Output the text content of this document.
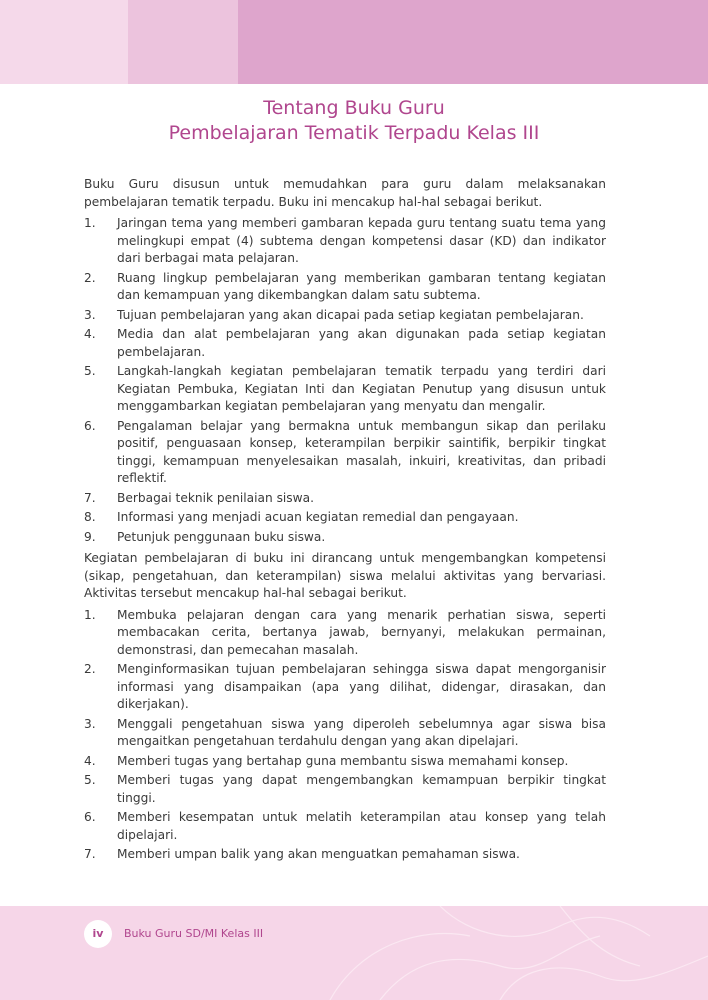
Tentang Buku Guru
Pembelajaran Tematik Terpadu Kelas III

Buku Guru disusun untuk memudahkan para guru dalam melaksanakan pembelajaran tematik terpadu. Buku ini mencakup hal-hal sebagai berikut.

1. Jaringan tema yang memberi gambaran kepada guru tentang suatu tema yang melingkupi empat (4) subtema dengan kompetensi dasar (KD) dan indikator dari berbagai mata pelajaran.
2. Ruang lingkup pembelajaran yang memberikan gambaran tentang kegiatan dan kemampuan yang dikembangkan dalam satu subtema.
3. Tujuan pembelajaran yang akan dicapai pada setiap kegiatan pembelajaran.
4. Media dan alat pembelajaran yang akan digunakan pada setiap kegiatan pembelajaran.
5. Langkah-langkah kegiatan pembelajaran tematik terpadu yang terdiri dari Kegiatan Pembuka, Kegiatan Inti dan Kegiatan Penutup yang disusun untuk menggambarkan kegiatan pembelajaran yang menyatu dan mengalir.
6. Pengalaman belajar yang bermakna untuk membangun sikap dan perilaku positif, penguasaan konsep, keterampilan berpikir saintifik, berpikir tingkat tinggi, kemampuan menyelesaikan masalah, inkuiri, kreativitas, dan pribadi reflektif.
7. Berbagai teknik penilaian siswa.
8. Informasi yang menjadi acuan kegiatan remedial dan pengayaan.
9. Petunjuk penggunaan buku siswa.

Kegiatan pembelajaran di buku ini dirancang untuk mengembangkan kompetensi (sikap, pengetahuan, dan keterampilan) siswa melalui aktivitas yang bervariasi. Aktivitas tersebut mencakup hal-hal sebagai berikut.

1. Membuka pelajaran dengan cara yang menarik perhatian siswa, seperti membacakan cerita, bertanya jawab, bernyanyi, melakukan permainan, demonstrasi, dan pemecahan masalah.
2. Menginformasikan tujuan pembelajaran sehingga siswa dapat mengorganisir informasi yang disampaikan (apa yang dilihat, didengar, dirasakan, dan dikerjakan).
3. Menggali pengetahuan siswa yang diperoleh sebelumnya agar siswa bisa mengaitkan pengetahuan terdahulu dengan yang akan dipelajari.
4. Memberi tugas yang bertahap guna membantu siswa memahami konsep.
5. Memberi tugas yang dapat mengembangkan kemampuan berpikir tingkat tinggi.
6. Memberi kesempatan untuk melatih keterampilan atau konsep yang telah dipelajari.
7. Memberi umpan balik yang akan menguatkan pemahaman siswa.
iv	Buku Guru SD/MI Kelas III
